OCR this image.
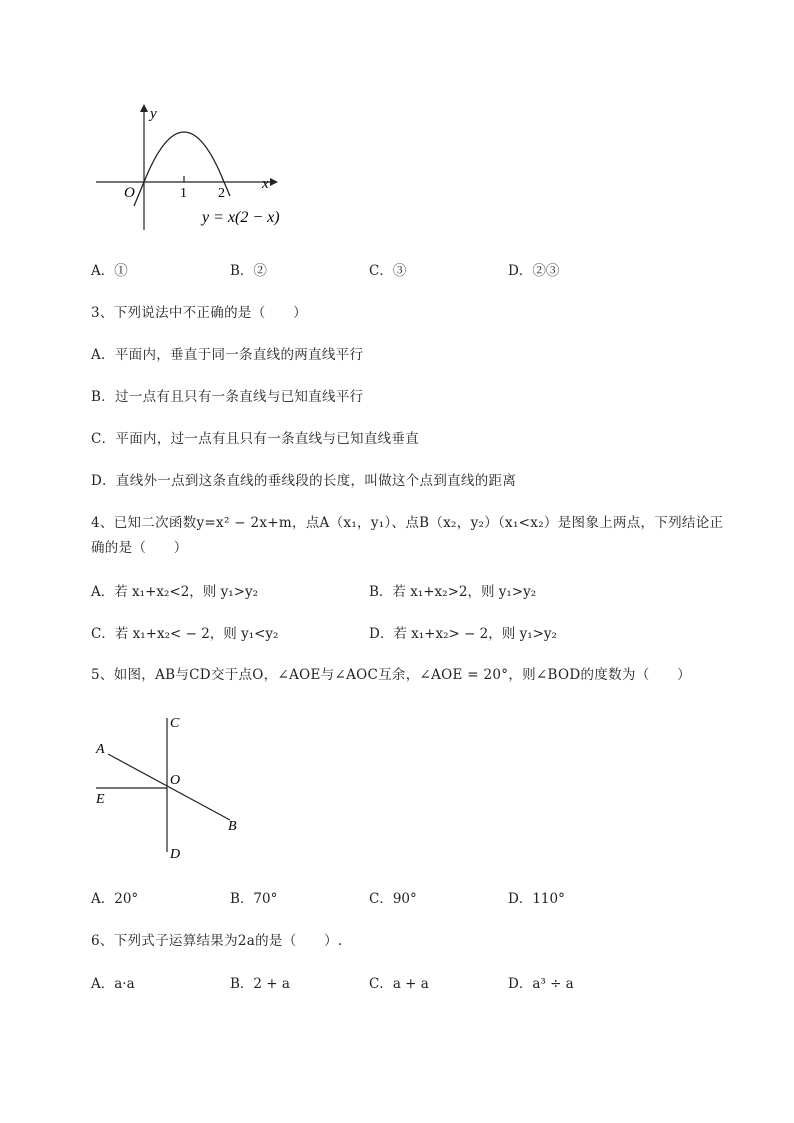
y
x
O	1 2
y = x(2 − x)
A．①	B．②	C．③	D．②③
3、下列说法中不正确的是（　　）
A．平面内，垂直于同一条直线的两直线平行
B．过一点有且只有一条直线与已知直线平行
C．平面内，过一点有且只有一条直线与已知直线垂直
D．直线外一点到这条直线的垂线段的长度，叫做这个点到直线的距离
4、已知二次函数y=x² − 2x+m，点A（x₁，y₁）、点B（x₂，y₂）（x₁<x₂）是图象上两点，下列结论正
确的是（　　）
A．若 x₁+x₂<2，则 y₁>y₂	B．若 x₁+x₂>2，则 y₁>y₂
C．若 x₁+x₂< − 2，则 y₁<y₂	D．若 x₁+x₂> − 2，则 y₁>y₂
5、如图，AB与CD交于点O，∠AOE与∠AOC互余，∠AOE = 20°，则∠BOD的度数为（　　）
C
A
O
E
B
D
A．20°	B．70°	C．90°	D．110°
6、下列式子运算结果为2a的是（　　）.
A．a·a	B．2 + a	C．a + a	D．a³ ÷ a
